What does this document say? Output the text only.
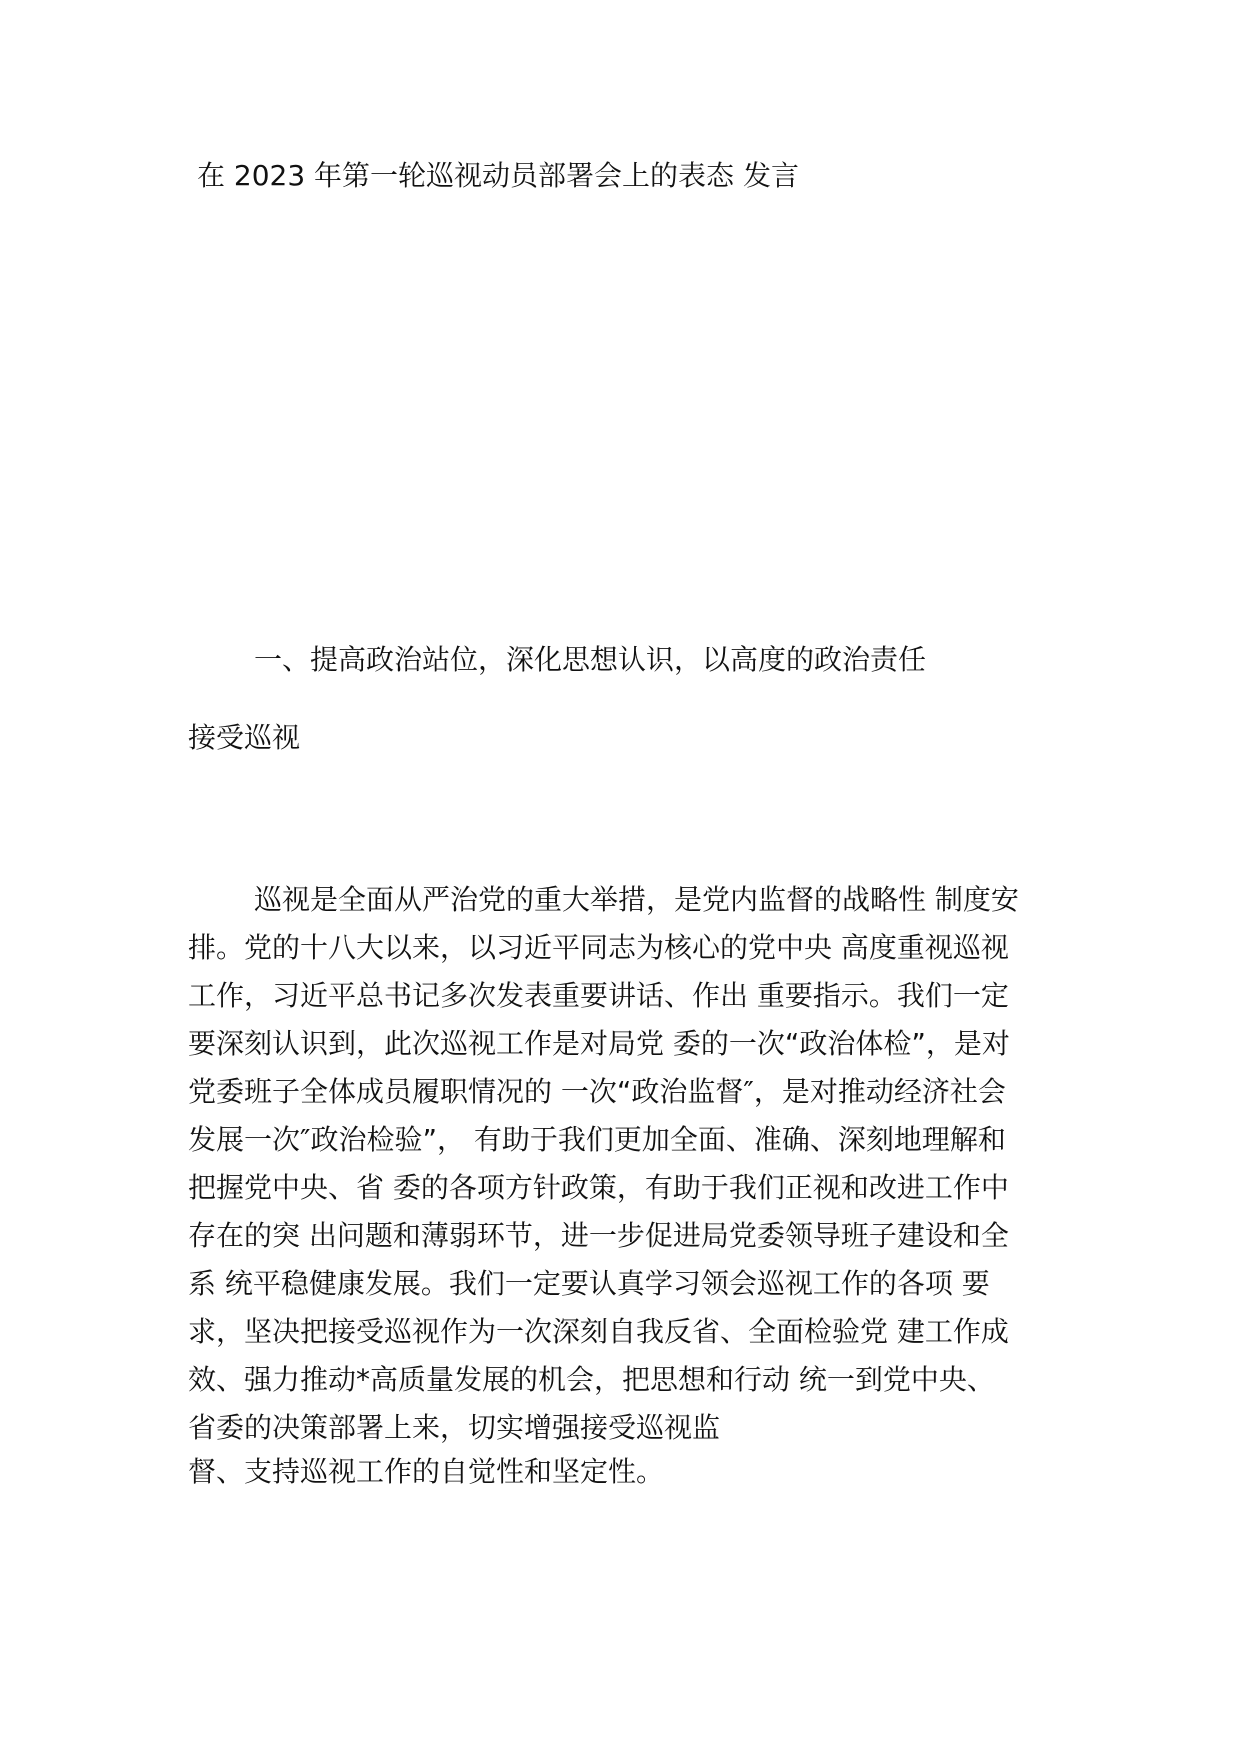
在 2023 年第一轮巡视动员部署会上的表态 发言
一、提高政治站位，深化思想认识，以高度的政治责任
接受巡视
巡视是全面从严治党的重大举措，是党内监督的战略性 制度安
排。党的十八大以来，以习近平同志为核心的党中央 高度重视巡视
工作，习近平总书记多次发表重要讲话、作出 重要指示。我们一定
要深刻认识到，此次巡视工作是对局党 委的一次“政治体检”，是对
党委班子全体成员履职情况的 一次“政治监督″，是对推动经济社会
发展一次″政治检验”， 有助于我们更加全面、准确、深刻地理解和
把握党中央、省 委的各项方针政策，有助于我们正视和改进工作中
存在的突 出问题和薄弱环节，进一步促进局党委领导班子建设和全
系 统平稳健康发展。我们一定要认真学习领会巡视工作的各项 要
求，坚决把接受巡视作为一次深刻自我反省、全面检验党 建工作成
效、强力推动*高质量发展的机会，把思想和行动 统一到党中央、
省委的决策部署上来，切实增强接受巡视监
督、支持巡视工作的自觉性和坚定性。
